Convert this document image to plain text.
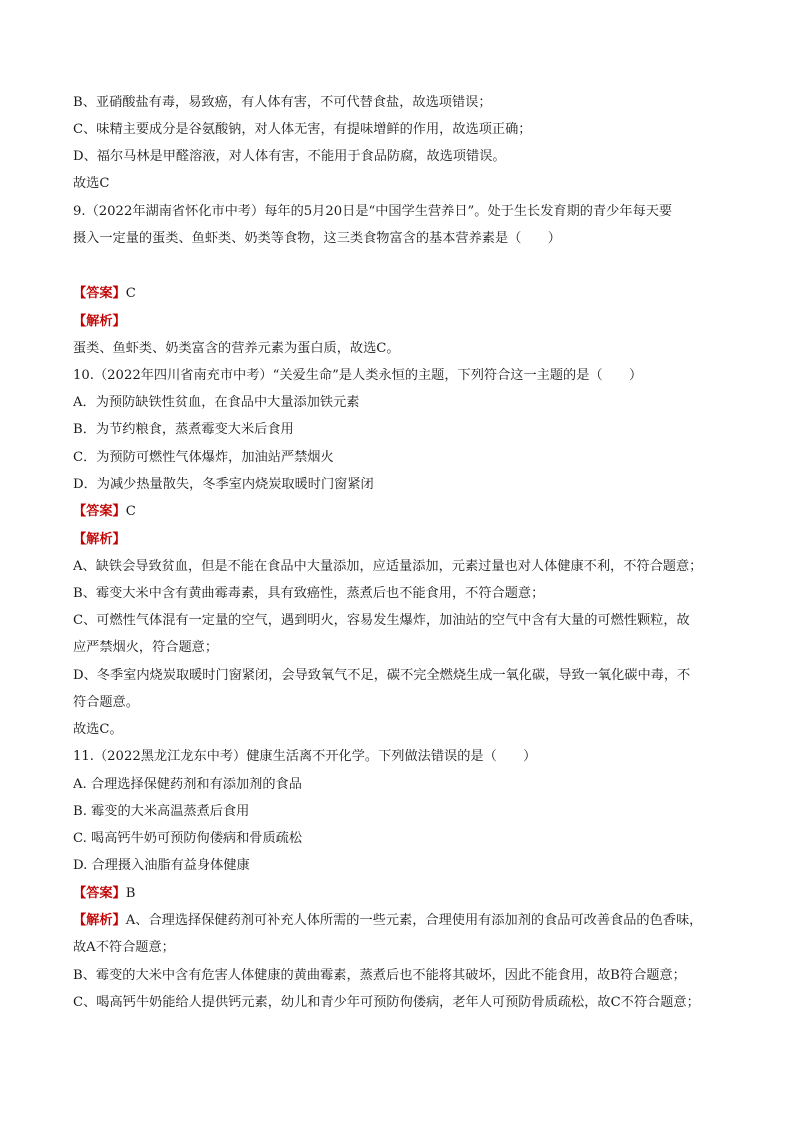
B、亚硝酸盐有毒，易致癌，有人体有害，不可代替食盐，故选项错误；
C、味精主要成分是谷氨酸钠，对人体无害，有提味增鲜的作用，故选项正确；
D、福尔马林是甲醛溶液，对人体有害，不能用于食品防腐，故选项错误。
故选C
9.（2022年湖南省怀化市中考）每年的5月20日是“中国学生营养日”。处于生长发育期的青少年每天要
摄入一定量的蛋类、鱼虾类、奶类等食物，这三类食物富含的基本营养素是（　　）
【答案】C
【解析】
蛋类、鱼虾类、奶类富含的营养元素为蛋白质，故选C。
10.（2022年四川省南充市中考）“关爱生命”是人类永恒的主题，下列符合这一主题的是（　　）
A．为预防缺铁性贫血，在食品中大量添加铁元素
B．为节约粮食，蒸煮霉变大米后食用
C．为预防可燃性气体爆炸，加油站严禁烟火
D．为减少热量散失，冬季室内烧炭取暖时门窗紧闭
【答案】C
【解析】
A、缺铁会导致贫血，但是不能在食品中大量添加，应适量添加，元素过量也对人体健康不利，不符合题意；
B、霉变大米中含有黄曲霉毒素，具有致癌性，蒸煮后也不能食用，不符合题意；
C、可燃性气体混有一定量的空气，遇到明火，容易发生爆炸，加油站的空气中含有大量的可燃性颗粒，故
应严禁烟火，符合题意；
D、冬季室内烧炭取暖时门窗紧闭，会导致氧气不足，碳不完全燃烧生成一氧化碳，导致一氧化碳中毒，不
符合题意。
故选C。
11.（2022黑龙江龙东中考）健康生活离不开化学。下列做法错误的是（　　）
A. 合理选择保健药剂和有添加剂的食品
B. 霉变的大米高温蒸煮后食用
C. 喝高钙牛奶可预防佝偻病和骨质疏松
D. 合理摄入油脂有益身体健康
【答案】B
【解析】A、合理选择保健药剂可补充人体所需的一些元素，合理使用有添加剂的食品可改善食品的色香味，
故A不符合题意；
B、霉变的大米中含有危害人体健康的黄曲霉素，蒸煮后也不能将其破坏，因此不能食用，故B符合题意；
C、喝高钙牛奶能给人提供钙元素，幼儿和青少年可预防佝偻病，老年人可预防骨质疏松，故C不符合题意；
